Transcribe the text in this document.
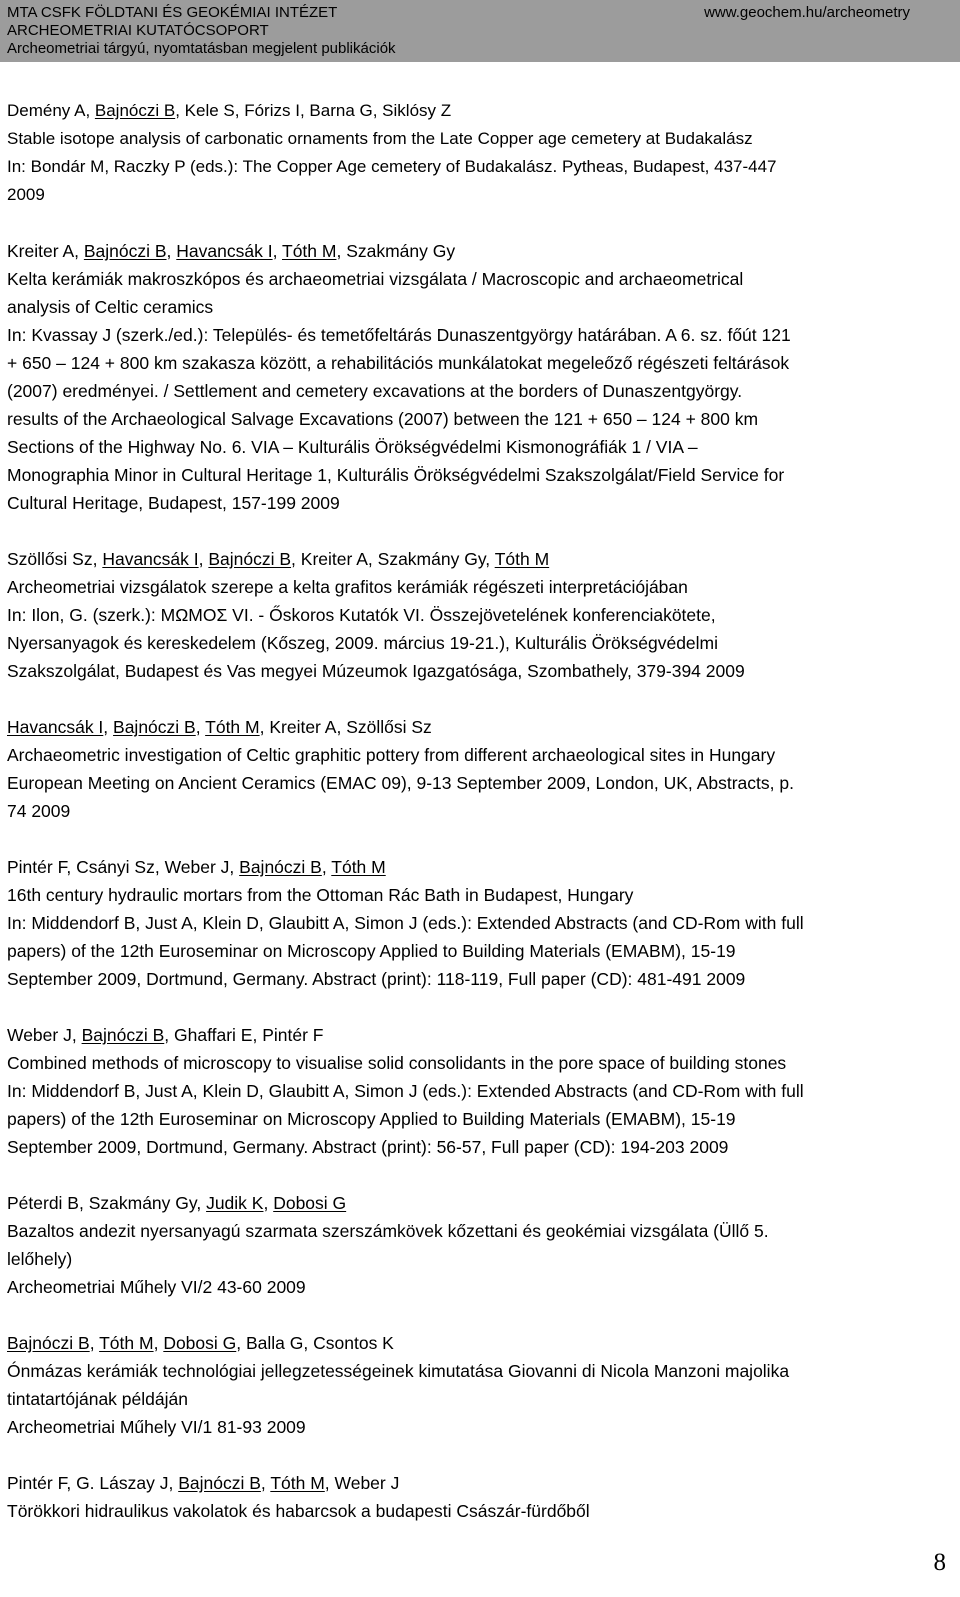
MTA CSFK FÖLDTANI ÉS GEOKÉMIAI INTÉZET
ARCHEOMETRIAI KUTATÓCSOPORT
Archeometriai tárgyú, nyomtatásban megjelent publikációk
www.geochem.hu/archeometry
Demény A, Bajnóczi B, Kele S, Fórizs I, Barna G, Siklósy Z
Stable isotope analysis of carbonatic ornaments from the Late Copper age cemetery at Budakalász
In: Bondár M, Raczky P (eds.): The Copper Age cemetery of Budakalász. Pytheas, Budapest, 437-447
2009
Kreiter A, Bajnóczi B, Havancsák I, Tóth M, Szakmány Gy
Kelta kerámiák makroszkópos és archaeometriai vizsgálata / Macroscopic and archaeometrical
analysis of Celtic ceramics
In: Kvassay J (szerk./ed.): Település- és temetőfeltárás Dunaszentgyörgy határában. A 6. sz. főút 121
+ 650 – 124 + 800 km szakasza között, a rehabilitációs munkálatokat megeleőző régészeti feltárások
(2007) eredményei. / Settlement and cemetery excavations at the borders of Dunaszentgyörgy.
results of the Archaeological Salvage Excavations (2007) between the 121 + 650 – 124 + 800 km
Sections of the Highway No. 6. VIA – Kulturális Örökségvédelmi Kismonográfiák 1 / VIA –
Monographia Minor in Cultural Heritage 1, Kulturális Örökségvédelmi Szakszolgálat/Field Service for
Cultural Heritage, Budapest, 157-199 2009
Szöllősi Sz, Havancsák I, Bajnóczi B, Kreiter A, Szakmány Gy, Tóth M
Archeometriai vizsgálatok szerepe a kelta grafitos kerámiák régészeti interpretációjában
In: Ilon, G. (szerk.): MΩMOΣ VI. - Őskoros Kutatók VI. Összejövetelének konferenciakötete,
Nyersanyagok és kereskedelem (Kőszeg, 2009. március 19-21.), Kulturális Örökségvédelmi
Szakszolgálat, Budapest és Vas megyei Múzeumok Igazgatósága, Szombathely, 379-394 2009
Havancsák I, Bajnóczi B, Tóth M, Kreiter A, Szöllősi Sz
Archaeometric investigation of Celtic graphitic pottery from different archaeological sites in Hungary
European Meeting on Ancient Ceramics (EMAC 09), 9-13 September 2009, London, UK, Abstracts, p.
74 2009
Pintér F, Csányi Sz, Weber J, Bajnóczi B, Tóth M
16th century hydraulic mortars from the Ottoman Rác Bath in Budapest, Hungary
In: Middendorf B, Just A, Klein D, Glaubitt A, Simon J (eds.): Extended Abstracts (and CD-Rom with full
papers) of the 12th Euroseminar on Microscopy Applied to Building Materials (EMABM), 15-19
September 2009, Dortmund, Germany. Abstract (print): 118-119, Full paper (CD): 481-491 2009
Weber J, Bajnóczi B, Ghaffari E, Pintér F
Combined methods of microscopy to visualise solid consolidants in the pore space of building stones
In: Middendorf B, Just A, Klein D, Glaubitt A, Simon J (eds.): Extended Abstracts (and CD-Rom with full
papers) of the 12th Euroseminar on Microscopy Applied to Building Materials (EMABM), 15-19
September 2009, Dortmund, Germany. Abstract (print): 56-57, Full paper (CD): 194-203 2009
Péterdi B, Szakmány Gy, Judik K, Dobosi G
Bazaltos andezit nyersanyagú szarmata szerszámkövek kőzettani és geokémiai vizsgálata (Üllő 5.
lelőhely)
Archeometriai Műhely VI/2 43-60 2009
Bajnóczi B, Tóth M, Dobosi G, Balla G, Csontos K
Ónmázas kerámiák technológiai jellegzetességeinek kimutatása Giovanni di Nicola Manzoni majolika
tintatartójának példáján
Archeometriai Műhely VI/1 81-93 2009
Pintér F, G. Lászay J, Bajnóczi B, Tóth M, Weber J
Törökkori hidraulikus vakolatok és habarcsok a budapesti Császár-fürdőből
8
